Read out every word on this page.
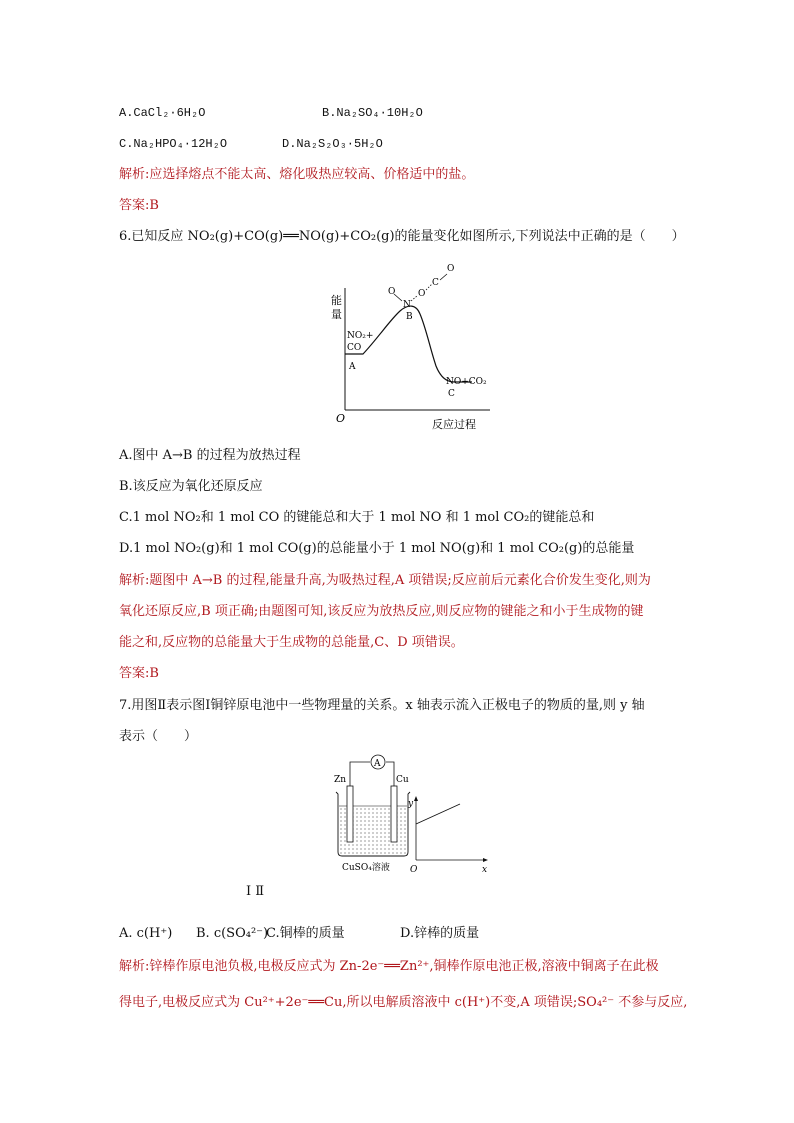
A.CaCl₂·6H₂O	B.Na₂SO₄·10H₂O
C.Na₂HPO₄·12H₂O	D.Na₂S₂O₃·5H₂O
解析:应选择熔点不能太高、熔化吸热应较高、价格适中的盐。
答案:B
6.已知反应 NO₂(g)+CO(g)══NO(g)+CO₂(g)的能量变化如图所示,下列说法中正确的是（　　）
能
量
O	反应过程
NO₂+
CO
A
B
NO+CO₂
C
O
N
O
C
O
A.图中 A→B 的过程为放热过程
B.该反应为氧化还原反应
C.1 mol NO₂和 1 mol CO 的键能总和大于 1 mol NO 和 1 mol CO₂的键能总和
D.1 mol NO₂(g)和 1 mol CO(g)的总能量小于 1 mol NO(g)和 1 mol CO₂(g)的总能量
解析:题图中 A→B 的过程,能量升高,为吸热过程,A 项错误;反应前后元素化合价发生变化,则为
氧化还原反应,B 项正确;由题图可知,该反应为放热反应,则反应物的键能之和小于生成物的键
能之和,反应物的总能量大于生成物的总能量,C、D 项错误。
答案:B
7.用图Ⅱ表示图Ⅰ铜锌原电池中一些物理量的关系。x 轴表示流入正极电子的物质的量,则 y 轴
表示（　　）
A
Zn	Cu
CuSO₄溶液
y
x
O
Ⅰ Ⅱ
A. c(H⁺) B. c(SO₄²⁻)
C.铜棒的质量	D.锌棒的质量
解析:锌棒作原电池负极,电极反应式为 Zn-2e⁻══Zn²⁺,铜棒作原电池正极,溶液中铜离子在此极
得电子,电极反应式为 Cu²⁺+2e⁻══Cu,所以电解质溶液中 c(H⁺)不变,A 项错误;SO₄²⁻ 不参与反应,
